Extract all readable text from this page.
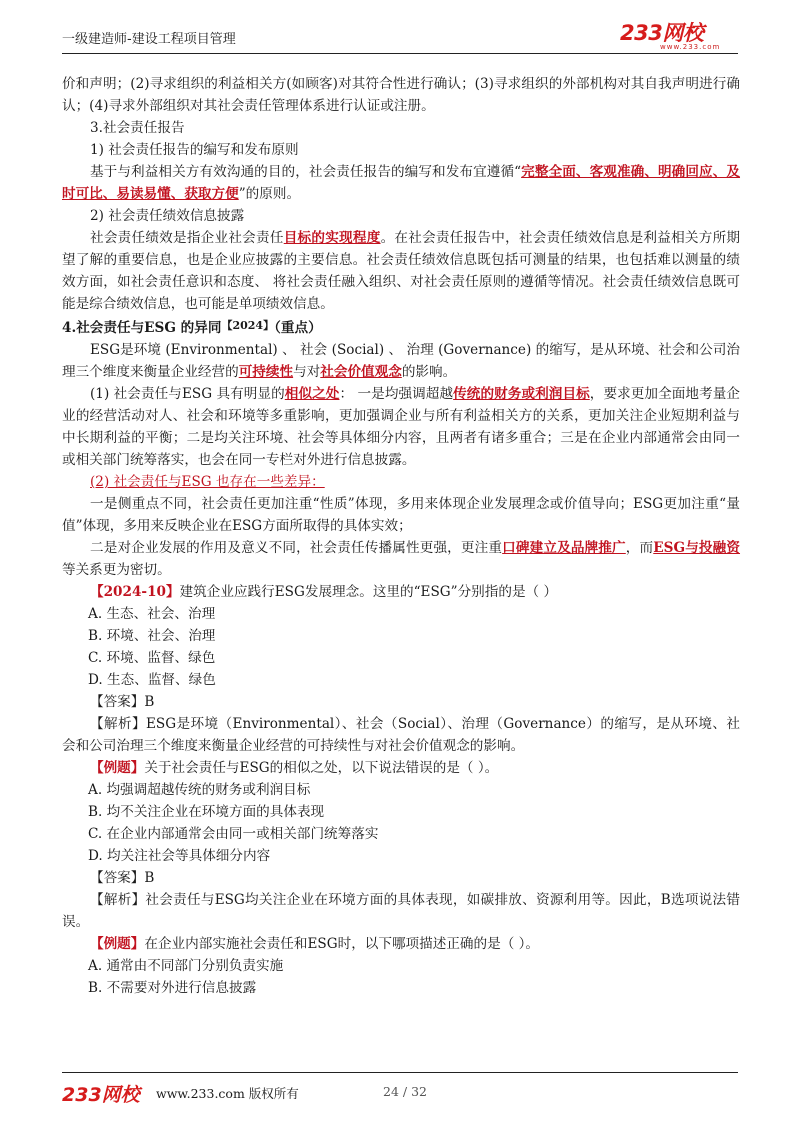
一级建造师-建设工程项目管理	233网校
www.233.com

价和声明；(2)寻求组织的利益相关方(如顾客)对其符合性进行确认；(3)寻求组织的外部机构对其自我声明进行确认；(4)寻求外部组织对其社会责任管理体系进行认证或注册。

3.社会责任报告

1) 社会责任报告的编写和发布原则

基于与利益相关方有效沟通的目的，社会责任报告的编写和发布宜遵循“完整全面、客观准确、明确回应、及时可比、易读易懂、获取方便”的原则。

2) 社会责任绩效信息披露

社会责任绩效是指企业社会责任目标的实现程度。在社会责任报告中，社会责任绩效信息是利益相关方所期望了解的重要信息，也是企业应披露的主要信息。社会责任绩效信息既包括可测量的结果，也包括难以测量的绩效方面，如社会责任意识和态度、 将社会责任融入组织、对社会责任原则的遵循等情况。社会责任绩效信息既可能是综合绩效信息，也可能是单项绩效信息。

4.社会责任与ESG 的异同$^{【2024】}$（重点）

ESG是环境 (Environmental) 、 社会 (Social) 、 治理 (Governance) 的缩写，是从环境、社会和公司治理三个维度来衡量企业经营的可持续性与对社会价值观念的影响。

(1) 社会责任与ESG 具有明显的相似之处： 一是均强调超越传统的财务或利润目标，要求更加全面地考量企业的经营活动对人、社会和环境等多重影响，更加强调企业与所有利益相关方的关系，更加关注企业短期利益与中长期利益的平衡；二是均关注环境、社会等具体细分内容，且两者有诸多重合；三是在企业内部通常会由同一或相关部门统筹落实，也会在同一专栏对外进行信息披露。

(2) 社会责任与ESG 也存在一些差异：

一是侧重点不同，社会责任更加注重“性质”体现，多用来体现企业发展理念或价值导向；ESG更加注重“量值”体现，多用来反映企业在ESG方面所取得的具体实效；

二是对企业发展的作用及意义不同，社会责任传播属性更强，更注重口碑建立及品牌推广，而ESG与投融资等关系更为密切。

【2024-10】建筑企业应践行ESG发展理念。这里的“ESG”分别指的是（ ）

A. 生态、社会、治理

B. 环境、社会、治理

C. 环境、监督、绿色

D. 生态、监督、绿色

【答案】B

【解析】ESG是环境（Environmental）、社会（Social）、治理（Governance）的缩写，是从环境、社会和公司治理三个维度来衡量企业经营的可持续性与对社会价值观念的影响。

【例题】关于社会责任与ESG的相似之处，以下说法错误的是（ ）。

A. 均强调超越传统的财务或利润目标

B. 均不关注企业在环境方面的具体表现

C. 在企业内部通常会由同一或相关部门统筹落实

D. 均关注社会等具体细分内容

【答案】B

【解析】社会责任与ESG均关注企业在环境方面的具体表现，如碳排放、资源利用等。因此，B选项说法错误。

【例题】在企业内部实施社会责任和ESG时，以下哪项描述正确的是（ ）。

A. 通常由不同部门分别负责实施

B. 不需要对外进行信息披露

233网校 www.233.com 版权所有	24 / 32
